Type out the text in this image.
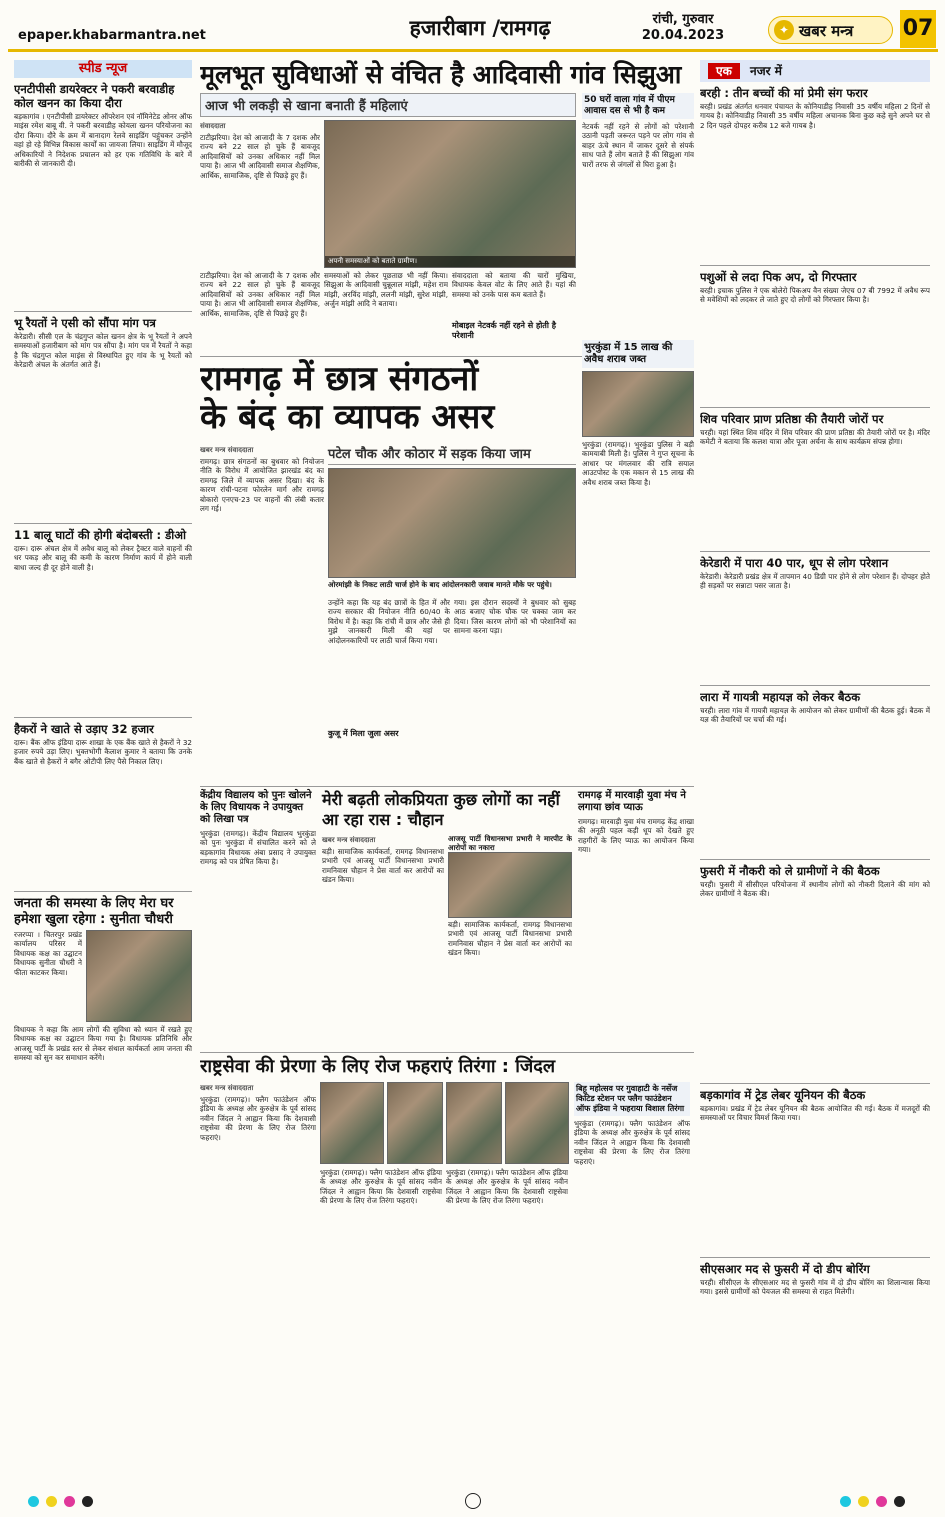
epaper.khabarmantra.net	हजारीबाग /रामगढ़	रांची, गुरुवार
20.04.2023	✦ खबर मन्त्र	07
स्पीड न्यूज
एनटीपीसी डायरेक्टर ने पकरी बरवाडीह कोल खनन का किया दौरा
बड़कागांव । एनटीपीसी डायरेक्टर ऑपरेशन एवं नॉमिनेटेड ओनर ऑफ माइंस रमेश बाबू वी. ने पकरी बरवाडीह कोयला खनन परियोजना का दौरा किया। दौरे के क्रम में बानादाग रेलवे साइडिंग पहुंचकर उन्होंने वहां हो रहे विभिन्न विकास कार्यों का जायजा लिया। साइडिंग में मौजूद अधिकारियों ने निदेशक प्रचालन को हर एक गतिविधि के बारे में बारीकी से जानकारी दी।
भू रैयतों ने एसी को सौंपा मांग पत्र
केरेडारी। सीसी एल के चंद्रगुप्त कोल खनन क्षेत्र के भू रैयतों ने अपने समस्याओं हजारीबाग को मांग पत्र सौंपा है। मांग पत्र में रैयतों ने कहा है कि चंद्रगुप्त कोल माइंस से विस्थापित हुए गांव के भू रैयतों को केरेडारी अंचल के अंतर्गत आते हैं।
11 बालू घाटों की होगी बंदोबस्ती : डीओ
दारू। दारू अंचल क्षेत्र में अवैध बालू को लेकर ट्रैक्टर वाले वाहनों की धर पकड़ और बालू की कमी के कारण निर्माण कार्य में होने वाली बाधा जल्द ही दूर होने वाली है।
हैकरों ने खाते से उड़ाए 32 हजार
दारू। बैंक ऑफ इंडिया दारू शाखा के एक बैंक खाते से हैकरों ने 32 हजार रुपये उड़ा लिए। भुक्तभोगी कैलाश कुमार ने बताया कि उनके बैंक खाते से हैकरों ने बगैर ओटीपी लिए पैसे निकाल लिए।
जनता की समस्या के लिए मेरा घर हमेशा खुला रहेगा : सुनीता चौधरी
रजरप्पा । चितरपुर प्रखंड कार्यालय परिसर में विधायक कक्ष का उद्घाटन विधायक सुनीता चौधरी ने फीता काटकर किया।
विधायक ने कहा कि आम लोगों की सुविधा को ध्यान में रखते हुए विधायक कक्ष का उद्घाटन किया गया है। विधायक प्रतिनिधि और आजसू पार्टी के प्रखंड स्तर से लेकर संथाल कार्यकर्ता आम जनता की समस्या को सुन कर समाधान करेंगे।
मूलभूत सुविधाओं से वंचित है आदिवासी गांव सिझुआ
आज भी लकड़ी से खाना बनाती हैं महिलाएं
संवाददाता
टाटीझरिया। देश को आजादी के 7 दशक और राज्य बने 22 साल हो चुके हैं बावजूद आदिवासियों को उनका अधिकार नहीं मिल पाया है। आज भी आदिवासी समाज शैक्षणिक, आर्थिक, सामाजिक, दृष्टि से पिछड़े हुए हैं।
अपनी समस्याओं को बताते ग्रामीण।
टाटीझरिया। देश को आजादी के 7 दशक और राज्य बने 22 साल हो चुके हैं बावजूद आदिवासियों को उनका अधिकार नहीं मिल पाया है। आज भी आदिवासी समाज शैक्षणिक, आर्थिक, सामाजिक, दृष्टि से पिछड़े हुए हैं।
समस्याओं को लेकर पूछताछ भी नहीं किया। सिझुआ के आदिवासी चुन्नूलाल मांझी, महेश राम मांझी, अरविंद मांझी, ललनी मांझी, सुरेश मांझी, अर्जुन मांझी आदि ने बताया।
संवाददाता को बताया की चारों मुखिया, विधायक केवल वोट के लिए आते हैं। यहां की समस्या को उनके पास कम बताते हैं।
मोबाइल नेटवर्क नहीं रहने से होती है परेशानी
50 घरों वाला गांव में पीएम आवास दस से भी है कम
नेटवर्क नहीं रहने से लोगों को परेशानी उठानी पड़ती जरूरत पड़ने पर लोग गांव से बाहर ऊंचे स्थान में जाकर दूसरे से संपर्क साध पाते हैं लोग बताते हैं की सिझुआ गांव चारों तरफ से जंगलों से घिरा हुआ है।
रामगढ़ में छात्र संगठनों
के बंद का व्यापक असर
खबर मन्त्र संवाददाता
रामगढ़। छात्र संगठनों का बुधवार को नियोजन नीति के विरोध में आयोजित झारखंड बंद का रामगढ़ जिले में व्यापक असर दिखा। बंद के कारण रांची-पटना फोरलेन मार्ग और रामगढ़ बोकारो एनएच-23 पर वाहनों की लंबी कतार लग गई।
पटेल चौक और कोठार में सड़क किया जाम
ओरमांझी के निकट लाठी चार्ज होने के बाद आंदोलनकारी जवाब मानते मौके पर पहुंचे।
उन्होंने कहा कि यह बंद छात्रों के हित में और राज्य सरकार की नियोजन नीति 60/40 के विरोध में है। कहा कि रांची में छात्र और जैसे ही मुझे जानकारी मिली की यहां पर आंदोलनकारियों पर लाठी चार्ज किया गया।
कुजू में मिला जुला असर
गया। इस दौरान सदस्यों ने बुधवार को सुबह आठ बजाए चोक चौक पर चक्का जाम कर दिया। जिस कारण लोगों को भी परेशानियों का सामना करना पड़ा।
भुरकुंडा में 15 लाख की अवैध शराब जब्त
भुरकुंडा (रामगढ़)। भुरकुंडा पुलिस ने बड़ी कामयाबी मिली है। पुलिस ने गुप्त सूचना के आधार पर मंगलवार की रात्रि सयाल आउटपोस्ट के एक मकान से 15 लाख की अवैध शराब जब्त किया है।
केंद्रीय विद्यालय को पुनः खोलने के लिए विधायक ने उपायुक्त को लिखा पत्र
भुरकुंडा (रामगढ़)। केंद्रीय विद्यालय भुरकुंडा को पुनः भुरकुंडा में संचालित करने को ले बड़कागांव विधायक अंबा प्रसाद ने उपायुक्त रामगढ़ को पत्र प्रेषित किया है।
मेरी बढ़ती लोकप्रियता कुछ लोगों का नहीं आ रहा रास : चौहान
खबर मन्त्र संवाददाता
बड़ी। सामाजिक कार्यकर्ता, रामगढ़ विधानसभा प्रभारी एवं आजसू पार्टी विधानसभा प्रभारी रामनिवास चौहान ने प्रेस वार्ता कर आरोपों का खंडन किया।
आजसू पार्टी विधानसभा प्रभारी ने मारपीट के आरोपों का नकारा
बड़ी। सामाजिक कार्यकर्ता, रामगढ़ विधानसभा प्रभारी एवं आजसू पार्टी विधानसभा प्रभारी रामनिवास चौहान ने प्रेस वार्ता कर आरोपों का खंडन किया।
रामगढ़ में मारवाड़ी युवा मंच ने लगाया छांव प्याऊ
रामगढ़। मारवाड़ी युवा मंच रामगढ़ केंद्र शाखा की अनूठी पहल कड़ी धूप को देखते हुए राहगीरों के लिए प्याऊ का आयोजन किया गया।
राष्ट्रसेवा की प्रेरणा के लिए रोज फहराएं तिरंगा : जिंदल
खबर मन्त्र संवाददाता
भुरकुंडा (रामगढ़)। फ्लैग फाउंडेशन ऑफ इंडिया के अध्यक्ष और कुरुक्षेत्र के पूर्व सांसद नवीन जिंदल ने आह्वान किया कि देशवासी राष्ट्रसेवा की प्रेरणा के लिए रोज तिरंगा फहराएं।
भुरकुंडा (रामगढ़)। फ्लैग फाउंडेशन ऑफ इंडिया के अध्यक्ष और कुरुक्षेत्र के पूर्व सांसद नवीन जिंदल ने आह्वान किया कि देशवासी राष्ट्रसेवा की प्रेरणा के लिए रोज तिरंगा फहराएं।
भुरकुंडा (रामगढ़)। फ्लैग फाउंडेशन ऑफ इंडिया के अध्यक्ष और कुरुक्षेत्र के पूर्व सांसद नवीन जिंदल ने आह्वान किया कि देशवासी राष्ट्रसेवा की प्रेरणा के लिए रोज तिरंगा फहराएं।
बिहू महोत्सव पर गुवाहाटी के नर्सेज किटिड स्टेशन पर फ्लैग फाउंडेशन ऑफ इंडिया ने फहराया विशाल तिरंगा
भुरकुंडा (रामगढ़)। फ्लैग फाउंडेशन ऑफ इंडिया के अध्यक्ष और कुरुक्षेत्र के पूर्व सांसद नवीन जिंदल ने आह्वान किया कि देशवासी राष्ट्रसेवा की प्रेरणा के लिए रोज तिरंगा फहराएं।
एक नजर में
बरही : तीन बच्चों की मां प्रेमी संग फरार
बरही। प्रखंड अंतर्गत धनवार पंचायत के कोनियाडीह निवासी 35 वर्षीय महिला 2 दिनों से गायब है। कोनियाडीह निवासी 35 वर्षीय महिला अचानक बिना कुछ कहे सुने अपने घर से 2 दिन पहले दोपहर करीब 12 बजे गायब है।
पशुओं से लदा पिक अप, दो गिरफ्तार
बरही। इचाक पुलिस ने एक बोलेरो पिकअप वैन संख्या जेएच 07 बी 7992 में अवैध रूप से मवेशियों को लदकर ले जाते हुए दो लोगों को गिरफ्तार किया है।
शिव परिवार प्राण प्रतिष्ठा की तैयारी जोरों पर
चरही। यहां स्थित शिव मंदिर में शिव परिवार की प्राण प्रतिष्ठा की तैयारी जोरों पर है। मंदिर कमेटी ने बताया कि कलश यात्रा और पूजा अर्चना के साथ कार्यक्रम संपन्न होगा।
केरेडारी में पारा 40 पार, धूप से लोग परेशान
केरेडारी। केरेडारी प्रखंड क्षेत्र में तापमान 40 डिग्री पार होने से लोग परेशान हैं। दोपहर होते ही सड़कों पर सन्नाटा पसर जाता है।
लारा में गायत्री महायज्ञ को लेकर बैठक
चरही। लारा गांव में गायत्री महायज्ञ के आयोजन को लेकर ग्रामीणों की बैठक हुई। बैठक में यज्ञ की तैयारियों पर चर्चा की गई।
फुसरी में नौकरी को ले ग्रामीणों ने की बैठक
चरही। फुसरी में सीसीएल परियोजना में स्थानीय लोगों को नौकरी दिलाने की मांग को लेकर ग्रामीणों ने बैठक की।
बड़कागांव में ट्रेड लेबर यूनियन की बैठक
बड़कागांव। प्रखंड में ट्रेड लेबर यूनियन की बैठक आयोजित की गई। बैठक में मजदूरों की समस्याओं पर विचार विमर्श किया गया।
सीएसआर मद से फुसरी में दो डीप बोरिंग
चरही। सीसीएल के सीएसआर मद से फुसरी गांव में दो डीप बोरिंग का शिलान्यास किया गया। इससे ग्रामीणों को पेयजल की समस्या से राहत मिलेगी।
